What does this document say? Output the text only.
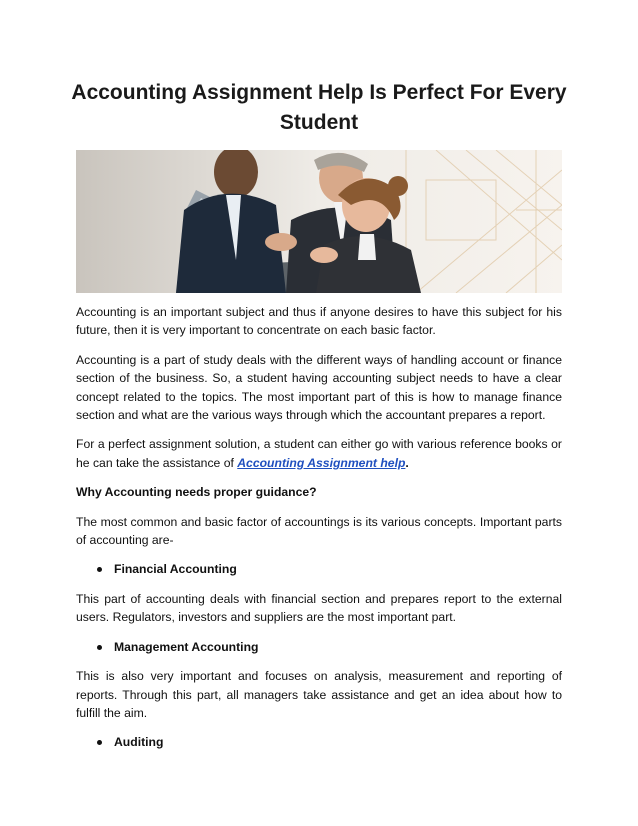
Accounting Assignment Help Is Perfect For Every Student

Accounting is an important subject and thus if anyone desires to have this subject for his future, then it is very important to concentrate on each basic factor.

Accounting is a part of study deals with the different ways of handling account or finance section of the business. So, a student having accounting subject needs to have a clear concept related to the topics. The most important part of this is how to manage finance section and what are the various ways through which the accountant prepares a report.

For a perfect assignment solution, a student can either go with various reference books or he can take the assistance of Accounting Assignment help.

Why Accounting needs proper guidance?

The most common and basic factor of accountings is its various concepts. Important parts of accounting are-

Financial Accounting

This part of accounting deals with financial section and prepares report to the external users. Regulators, investors and suppliers are the most important part.

Management Accounting

This is also very important and focuses on analysis, measurement and reporting of reports. Through this part, all managers take assistance and get an idea about how to fulfill the aim.

Auditing
